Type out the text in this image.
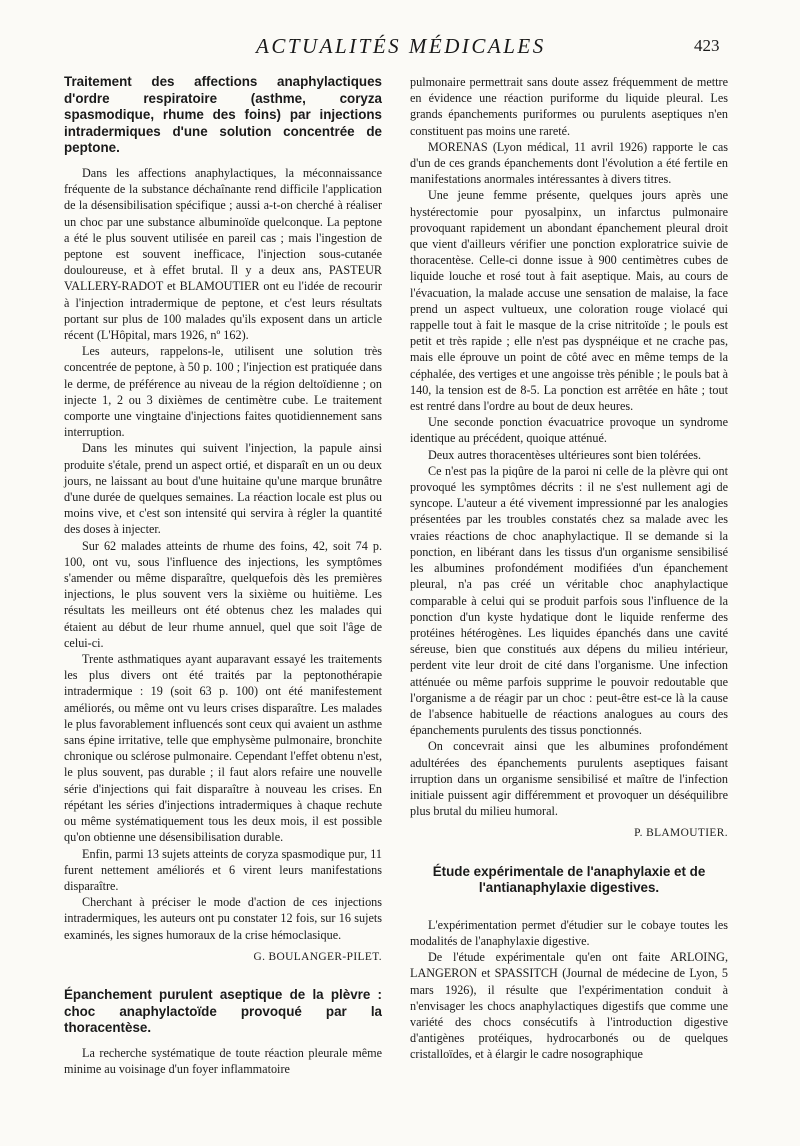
ACTUALITÉS MÉDICALES	423
Traitement des affections anaphylactiques d'ordre respiratoire (asthme, coryza spasmodique, rhume des foins) par injections intradermiques d'une solution concentrée de peptone.

Dans les affections anaphylactiques, la méconnaissance fréquente de la substance déchaînante rend difficile l'application de la désensibilisation spécifique ; aussi a-t-on cherché à réaliser un choc par une substance albuminoïde quelconque. La peptone a été le plus souvent utilisée en pareil cas ; mais l'ingestion de peptone est souvent inefficace, l'injection sous-cutanée douloureuse, et à effet brutal. Il y a deux ans, PASTEUR VALLERY-RADOT et BLAMOUTIER ont eu l'idée de recourir à l'injection intradermique de peptone, et c'est leurs résultats portant sur plus de 100 malades qu'ils exposent dans un article récent (L'Hôpital, mars 1926, nº 162).

Les auteurs, rappelons-le, utilisent une solution très concentrée de peptone, à 50 p. 100 ; l'injection est pratiquée dans le derme, de préférence au niveau de la région deltoïdienne ; on injecte 1, 2 ou 3 dixièmes de centimètre cube. Le traitement comporte une vingtaine d'injections faites quotidiennement sans interruption.

Dans les minutes qui suivent l'injection, la papule ainsi produite s'étale, prend un aspect ortié, et disparaît en un ou deux jours, ne laissant au bout d'une huitaine qu'une marque brunâtre d'une durée de quelques semaines. La réaction locale est plus ou moins vive, et c'est son intensité qui servira à régler la quantité des doses à injecter.

Sur 62 malades atteints de rhume des foins, 42, soit 74 p. 100, ont vu, sous l'influence des injections, les symptômes s'amender ou même disparaître, quelquefois dès les premières injections, le plus souvent vers la sixième ou huitième. Les résultats les meilleurs ont été obtenus chez les malades qui étaient au début de leur rhume annuel, quel que soit l'âge de celui-ci.

Trente asthmatiques ayant auparavant essayé les traitements les plus divers ont été traités par la peptonothérapie intradermique : 19 (soit 63 p. 100) ont été manifestement améliorés, ou même ont vu leurs crises disparaître. Les malades le plus favorablement influencés sont ceux qui avaient un asthme sans épine irritative, telle que emphysème pulmonaire, bronchite chronique ou sclérose pulmonaire. Cependant l'effet obtenu n'est, le plus souvent, pas durable ; il faut alors refaire une nouvelle série d'injections qui fait disparaître à nouveau les crises. En répétant les séries d'injections intradermiques à chaque rechute ou même systématiquement tous les deux mois, il est possible qu'on obtienne une désensibilisation durable.

Enfin, parmi 13 sujets atteints de coryza spasmodique pur, 11 furent nettement améliorés et 6 virent leurs manifestations disparaître.

Cherchant à préciser le mode d'action de ces injections intradermiques, les auteurs ont pu constater 12 fois, sur 16 sujets examinés, les signes humoraux de la crise hémoclasique.

G. BOULANGER-PILET.
Épanchement purulent aseptique de la plèvre : choc anaphylactoïde provoqué par la thoracentèse.

La recherche systématique de toute réaction pleurale même minime au voisinage d'un foyer inflammatoire

pulmonaire permettrait sans doute assez fréquemment de mettre en évidence une réaction puriforme du liquide pleural. Les grands épanchements puriformes ou purulents aseptiques n'en constituent pas moins une rareté.

MORENAS (Lyon médical, 11 avril 1926) rapporte le cas d'un de ces grands épanchements dont l'évolution a été fertile en manifestations anormales intéressantes à divers titres.

Une jeune femme présente, quelques jours après une hystérectomie pour pyosalpinx, un infarctus pulmonaire provoquant rapidement un abondant épanchement pleural droit que vient d'ailleurs vérifier une ponction exploratrice suivie de thoracentèse. Celle-ci donne issue à 900 centimètres cubes de liquide louche et rosé tout à fait aseptique. Mais, au cours de l'évacuation, la malade accuse une sensation de malaise, la face prend un aspect vultueux, une coloration rouge violacé qui rappelle tout à fait le masque de la crise nitritoïde ; le pouls est petit et très rapide ; elle n'est pas dyspnéique et ne crache pas, mais elle éprouve un point de côté avec en même temps de la céphalée, des vertiges et une angoisse très pénible ; le pouls bat à 140, la tension est de 8-5. La ponction est arrêtée en hâte ; tout est rentré dans l'ordre au bout de deux heures.

Une seconde ponction évacuatrice provoque un syndrome identique au précédent, quoique atténué.

Deux autres thoracentèses ultérieures sont bien tolérées.

Ce n'est pas la piqûre de la paroi ni celle de la plèvre qui ont provoqué les symptômes décrits : il ne s'est nullement agi de syncope. L'auteur a été vivement impressionné par les analogies présentées par les troubles constatés chez sa malade avec les vraies réactions de choc anaphylactique. Il se demande si la ponction, en libérant dans les tissus d'un organisme sensibilisé les albumines profondément modifiées d'un épanchement pleural, n'a pas créé un véritable choc anaphylactique comparable à celui qui se produit parfois sous l'influence de la ponction d'un kyste hydatique dont le liquide renferme des protéines hétérogènes. Les liquides épanchés dans une cavité séreuse, bien que constitués aux dépens du milieu intérieur, perdent vite leur droit de cité dans l'organisme. Une infection atténuée ou même parfois supprime le pouvoir redoutable que l'organisme a de réagir par un choc : peut-être est-ce là la cause de l'absence habituelle de réactions analogues au cours des épanchements purulents des tissus ponctionnés.

On concevrait ainsi que les albumines profondément adultérées des épanchements purulents aseptiques faisant irruption dans un organisme sensibilisé et maître de l'infection initiale puissent agir différemment et provoquer un déséquilibre plus brutal du milieu humoral.

P. BLAMOUTIER.
Étude expérimentale de l'anaphylaxie et de l'antianaphylaxie digestives.

L'expérimentation permet d'étudier sur le cobaye toutes les modalités de l'anaphylaxie digestive.

De l'étude expérimentale qu'en ont faite ARLOING, LANGERON et SPASSITCH (Journal de médecine de Lyon, 5 mars 1926), il résulte que l'expérimentation conduit à n'envisager les chocs anaphylactiques digestifs que comme une variété des chocs consécutifs à l'introduction digestive d'antigènes protéiques, hydrocarbonés ou de quelques cristalloïdes, et à élargir le cadre nosographique
